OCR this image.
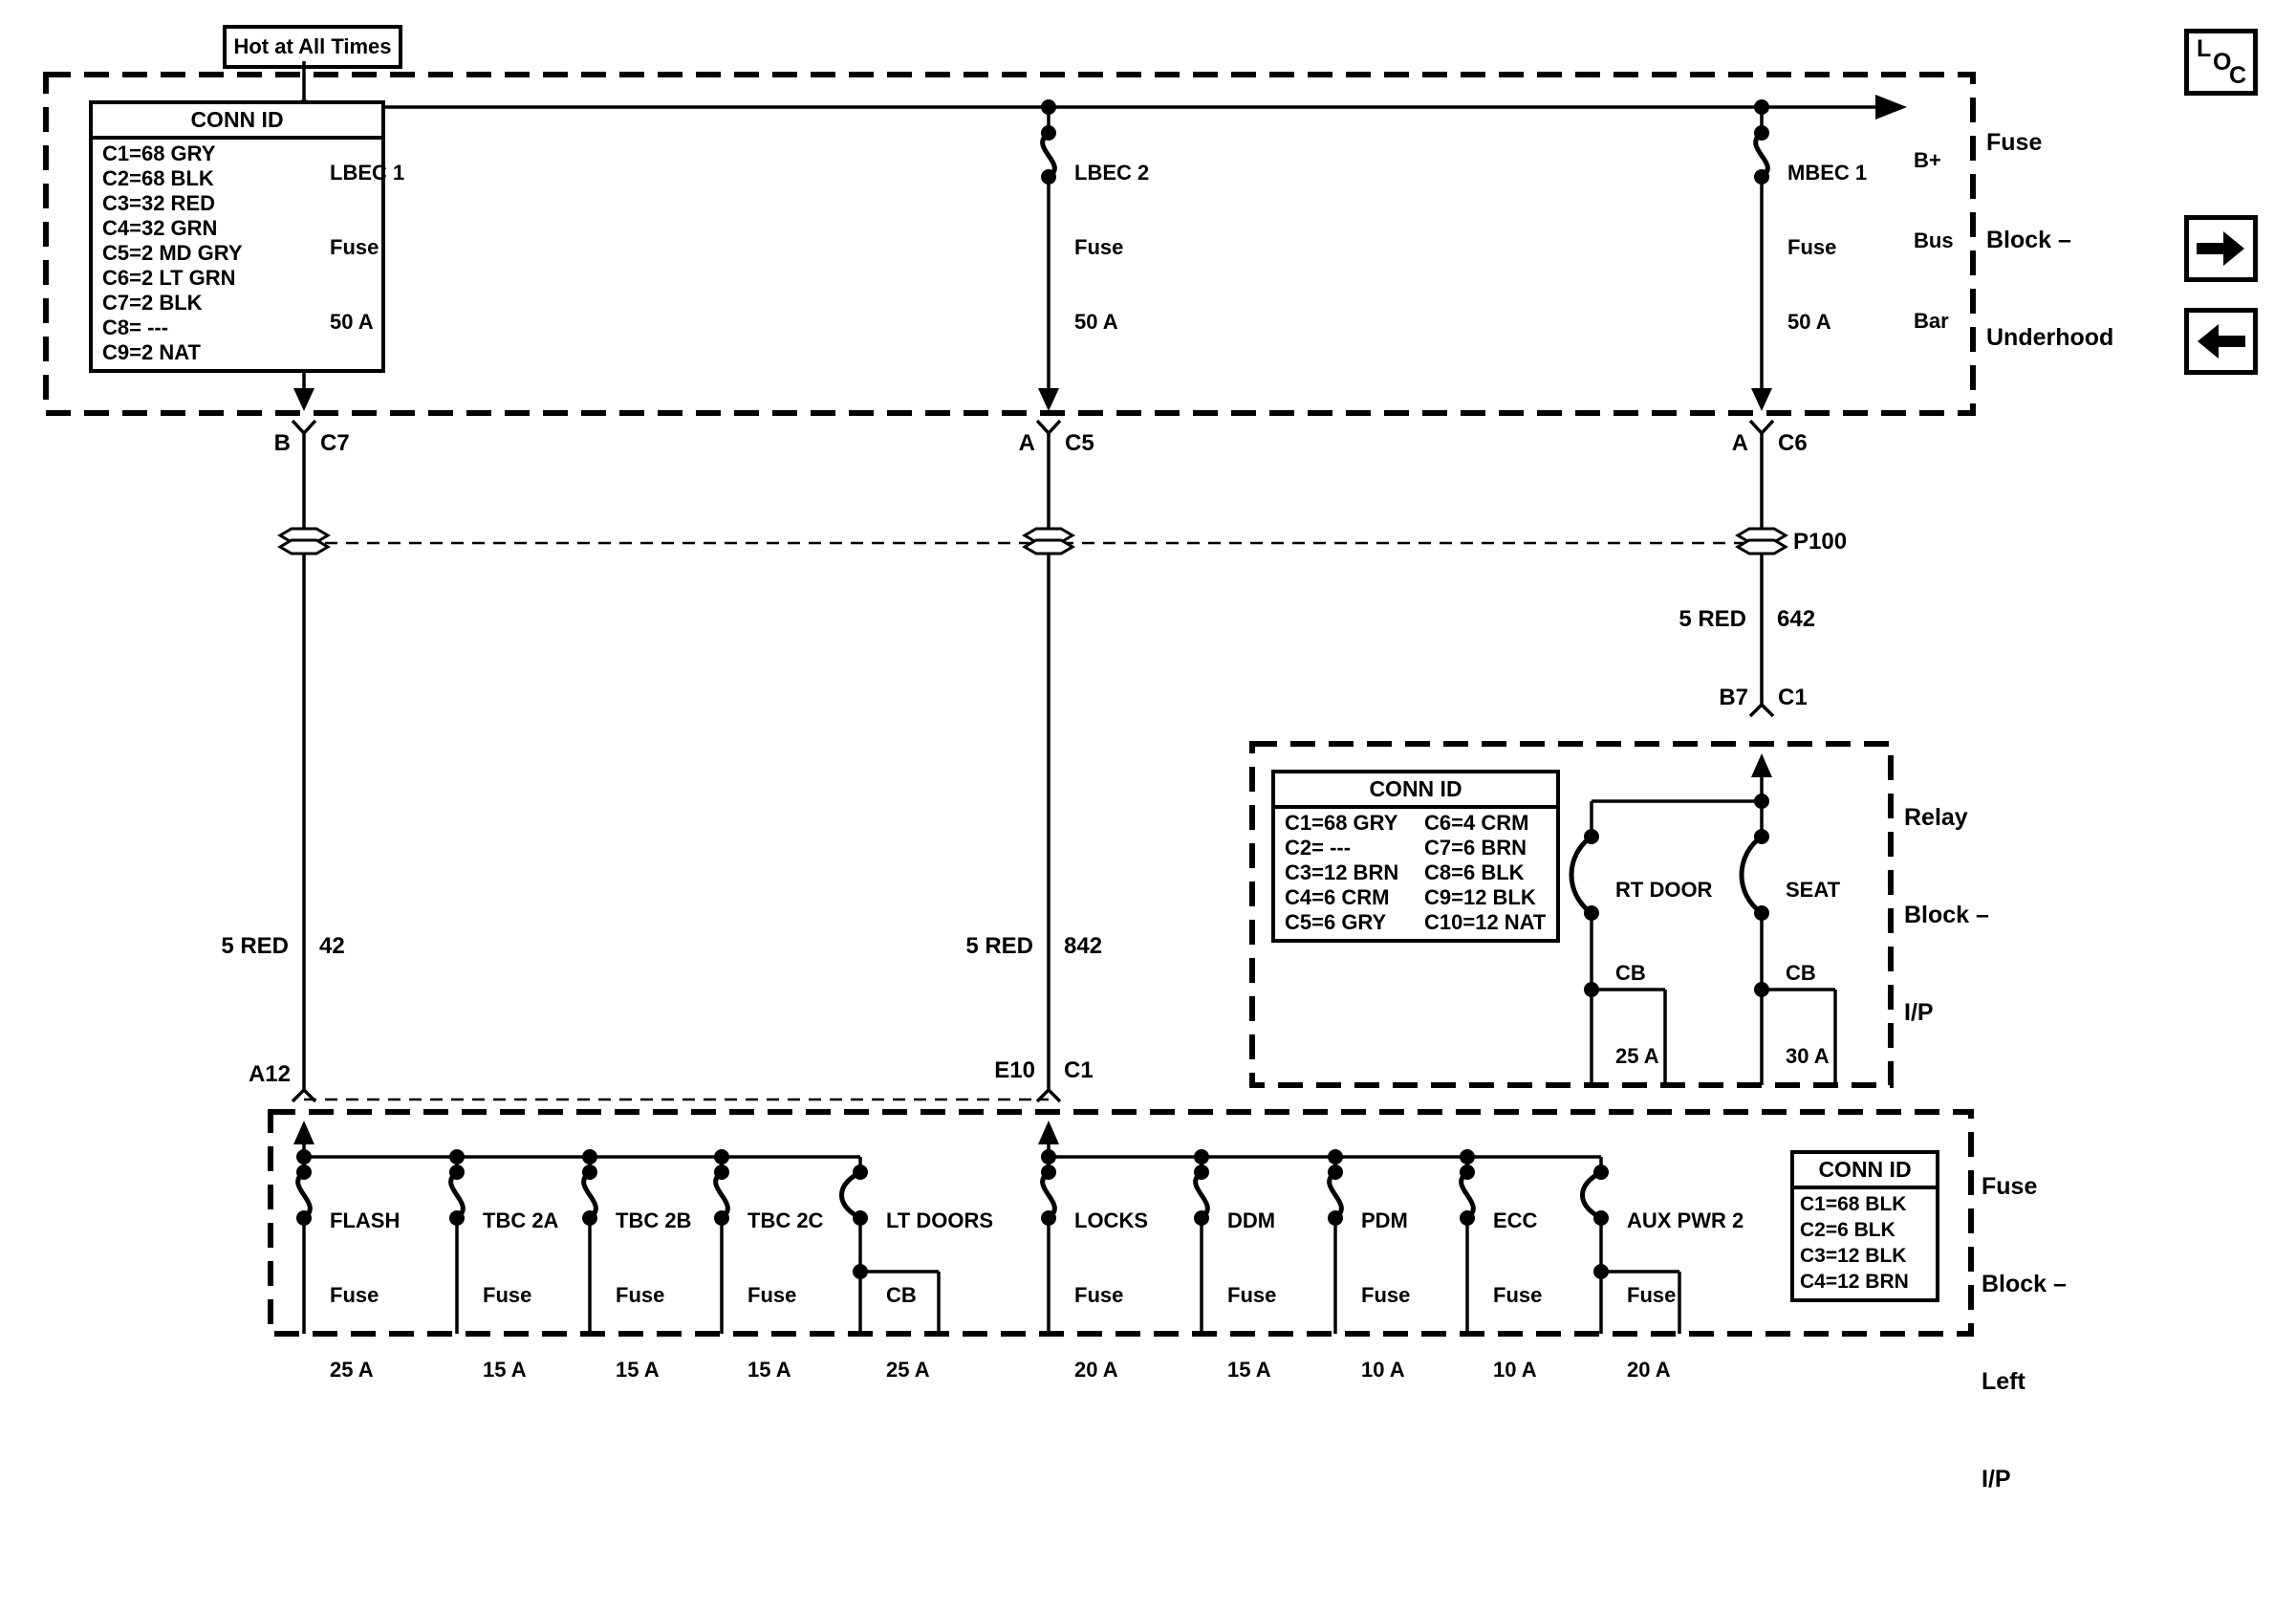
Hot at All Times

Fuse

Block –

Underhood

B+

Bus

Bar

CONN ID
C1=68 GRY
C2=68 BLK
C3=32 RED
C4=32 GRN
C5=2 MD GRY
C6=2 LT GRN
C7=2 BLK
C8= ---
C9=2 NAT

LBEC 1

Fuse

50 A

LBEC 2

Fuse

50 A

MBEC 1

Fuse

50 A

B C7	A C5	A C6
P100
5 RED 42	5 RED 842
5 RED 642
B7 C1

Relay

Block –

I/P

CONN ID
C1=68 GRY	C6=4 CRM
C2= ---	C7=6 BRN
C3=12 BRN	C8=6 BLK
C4=6 CRM	C9=12 BLK
C5=6 GRY	C10=12 NAT

RT DOOR

CB

25 A

SEAT

CB

30 A

A12	E10 C1

Fuse

Block –

Left

I/P

FLASH

Fuse

25 A

TBC 2A

Fuse

15 A

TBC 2B

Fuse

15 A

TBC 2C

Fuse

15 A

LT DOORS

CB

25 A

LOCKS

Fuse

20 A

DDM

Fuse

15 A

PDM

Fuse

10 A

ECC

Fuse

10 A

AUX PWR 2

Fuse

20 A

CONN ID
C1=68 BLK
C2=6 BLK
C3=12 BLK
C4=12 BRN
L O
C
